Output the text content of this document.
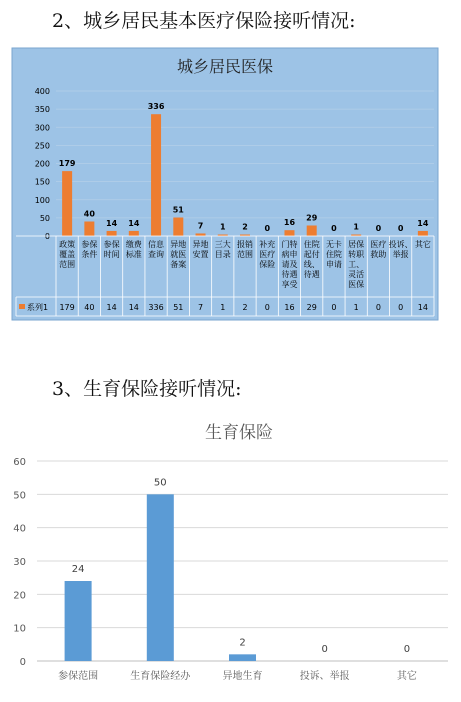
2、城乡居民基本医疗保险接听情况:
城乡居民医保
0
50
100
150
200
250
300
350
400
179
40
14 14
336
51
7 1 2 0
16
29
0 1 0 0
14
政策覆盖范围
参保条件
参保时间
缴费标准
信息查询
异地就医备案
异地安置
三大目录
报销范围
补充医疗保险
门特病申请及待遇享受
住院起付线、待遇
无卡住院申请
居保转职工、灵活医保
医疗救助
投诉、举报
其它
系列1 179 40 14 14 336 51 7 1 2 0 16 29 0 1 0 0 14
3、生育保险接听情况:
生育保险
0
10
20
30
40
50
60
24
参保范围
50
生育保险经办
2
异地生育
0
投诉、举报
0
其它
